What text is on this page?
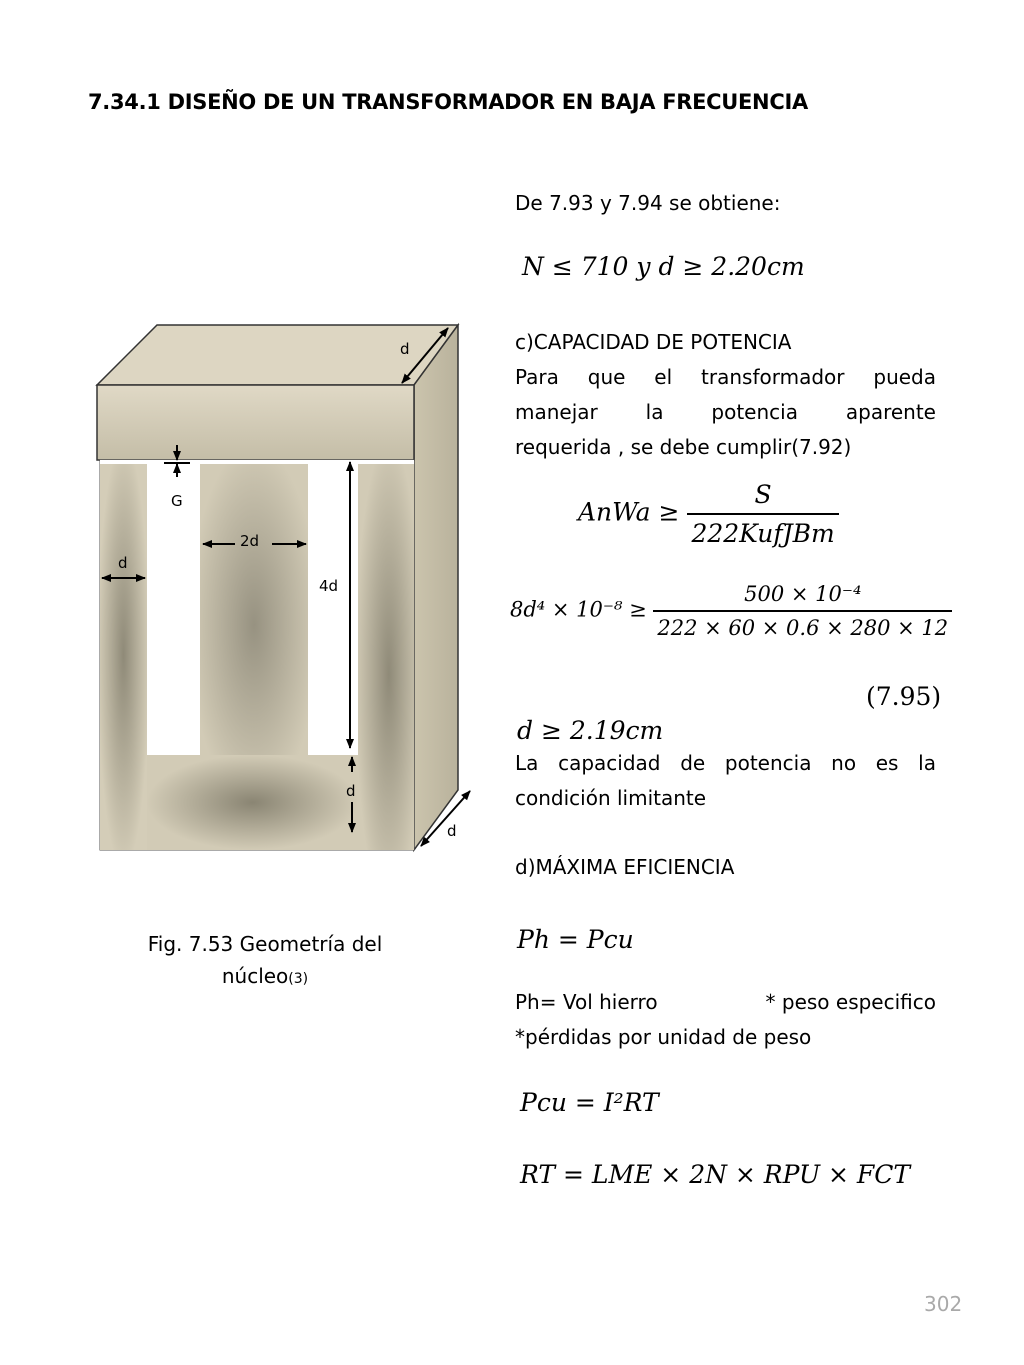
7.34.1 DISEÑO DE UN TRANSFORMADOR EN BAJA FRECUENCIA
d
G
2d
d
4d
d
d
Fig. 7.53 Geometría del
núcleo(3)
De 7.93 y 7.94 se obtiene:
N ≤ 710 y d ≥ 2.20cm
c)CAPACIDAD DE POTENCIA
Para que el transformador pueda
manejar la potencia aparente
requerida , se debe cumplir(7.92)
AnWa ≥ $\frac{S}{\text{222KufJBm}}$
$8d^4 \times 10^{-8} \ge \frac{\text{500 × 10⁻⁴}}{222 \times 60 \times 0.6 \times 280 \times 12}$
(7.95)
d ≥ 2.19cm
La capacidad de potencia no es la
condición limitante
d)MÁXIMA EFICIENCIA
Ph = Pcu
Ph= Vol hierro	* peso especifico
*pérdidas por unidad de peso
Pcu = I²RT
RT = LME × 2N × RPU × FCT
302
